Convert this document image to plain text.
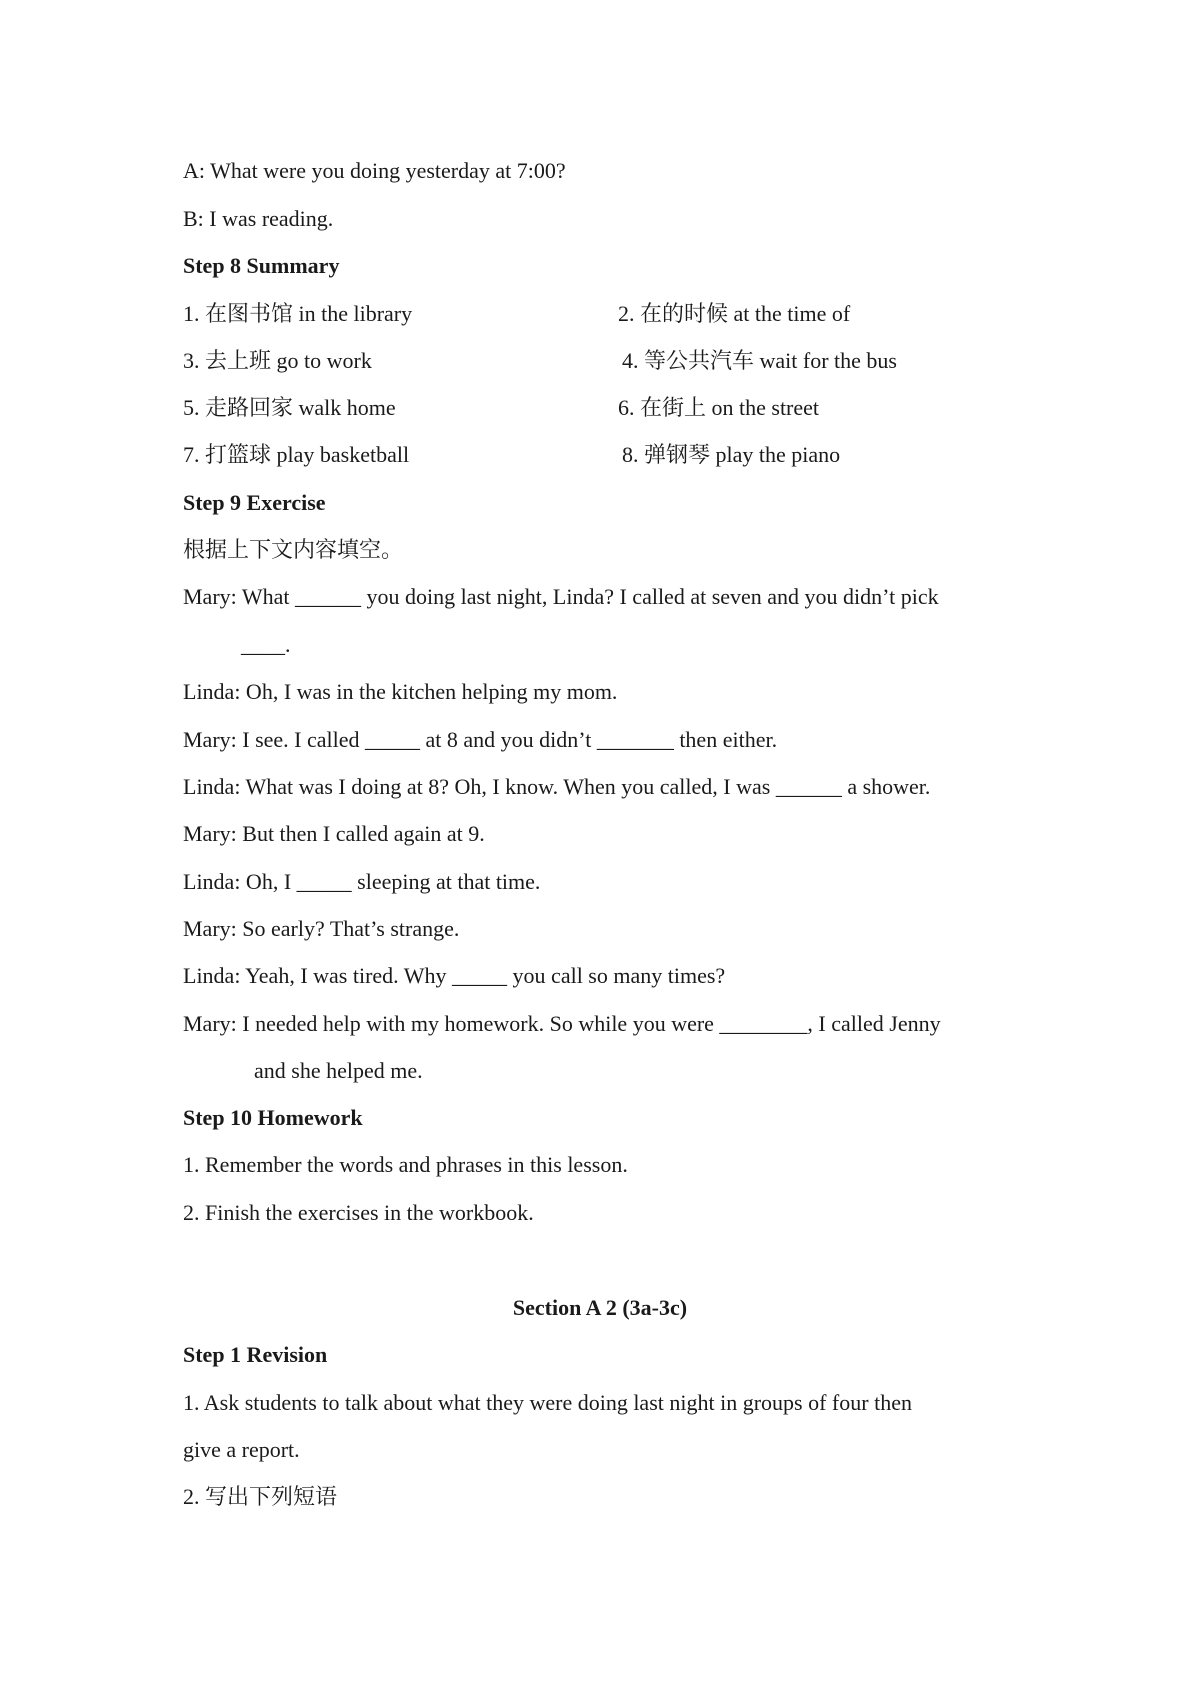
A: What were you doing yesterday at 7:00?
B: I was reading.
Step 8 Summary
1. 在图书馆 in the library	2. 在的时候 at the time of
3. 去上班 go to work	4. 等公共汽车 wait for the bus
5. 走路回家 walk home	6. 在街上 on the street
7. 打篮球 play basketball	8. 弹钢琴 play the piano
Step 9 Exercise
根据上下文内容填空。
Mary: What ______ you doing last night, Linda? I called at seven and you didn’t pick
____.
Linda: Oh, I was in the kitchen helping my mom.
Mary: I see. I called _____ at 8 and you didn’t _______ then either.
Linda: What was I doing at 8? Oh, I know. When you called, I was ______ a shower.
Mary: But then I called again at 9.
Linda: Oh, I _____ sleeping at that time.
Mary: So early? That’s strange.
Linda: Yeah, I was tired. Why _____ you call so many times?
Mary: I needed help with my homework. So while you were ________, I called Jenny
and she helped me.
Step 10 Homework
1. Remember the words and phrases in this lesson.
2. Finish the exercises in the workbook.
Section A 2 (3a-3c)
Step 1 Revision
1. Ask students to talk about what they were doing last night in groups of four then
give a report.
2. 写出下列短语
